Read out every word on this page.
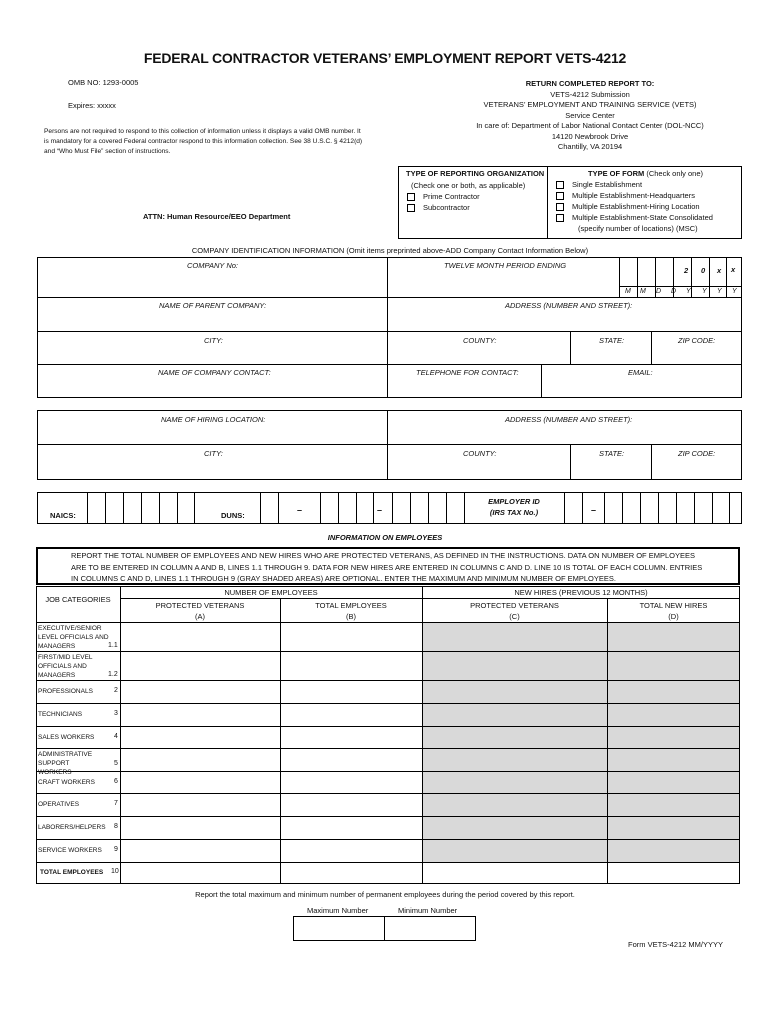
FEDERAL CONTRACTOR VETERANS’ EMPLOYMENT REPORT VETS-4212
OMB NO: 1293-0005
Expires: xxxxx
Persons are not required to respond to this collection of information unless it displays a valid OMB number. It is mandatory for a covered Federal contractor respond to this information collection. See 38 U.S.C. § 4212(d) and “Who Must File” section of instructions.
RETURN COMPLETED REPORT TO:
VETS-4212 Submission
VETERANS’ EMPLOYMENT AND TRAINING SERVICE (VETS)
Service Center
In care of: Department of Labor National Contact Center (DOL-NCC)
14120 Newbrook Drive
Chantilly, VA 20194
ATTN: Human Resource/EEO Department
TYPE OF REPORTING ORGANIZATION
(Check one or both, as applicable)
Prime Contractor
Subcontractor
TYPE OF FORM (Check only one)
Single Establishment
Multiple Establishment-Headquarters
Multiple Establishment-Hiring Location
Multiple Establishment-State Consolidated
(specify number of locations) (MSC)
COMPANY IDENTIFICATION INFORMATION (Omit items preprinted above-ADD Company Contact Information Below)
COMPANY No:	TWELVE MONTH PERIOD ENDING
2 0 x x
M M D D Y Y Y Y
NAME OF PARENT COMPANY:	ADDRESS (NUMBER AND STREET):
CITY:	COUNTY:	STATE:	ZIP CODE:
NAME OF COMPANY CONTACT:	TELEPHONE FOR CONTACT:	EMAIL:
NAME OF HIRING LOCATION:	ADDRESS (NUMBER AND STREET):
CITY:	COUNTY:	STATE:	ZIP CODE:
NAICS:	DUNS:
–	–	–
EMPLOYER ID
(IRS TAX No.)
INFORMATION ON EMPLOYEES
REPORT THE TOTAL NUMBER OF EMPLOYEES AND NEW HIRES WHO ARE PROTECTED VETERANS, AS DEFINED IN THE INSTRUCTIONS. DATA ON NUMBER OF EMPLOYEES ARE TO BE ENTERED IN COLUMN A AND B, LINES 1.1 THROUGH 9. DATA FOR NEW HIRES ARE ENTERED IN COLUMNS C AND D. LINE 10 IS TOTAL OF EACH COLUMN. ENTRIES IN COLUMNS C AND D, LINES 1.1 THROUGH 9 (GRAY SHADED AREAS) ARE OPTIONAL. ENTER THE MAXIMUM AND MINIMUM NUMBER OF EMPLOYEES.
JOB CATEGORIES
NUMBER OF EMPLOYEES	NEW HIRES (PREVIOUS 12 MONTHS)
PROTECTED VETERANS
(A)
TOTAL EMPLOYEES
(B)
PROTECTED VETERANS
(C)
TOTAL NEW HIRES
(D)
EXECUTIVE/SENIOR LEVEL OFFICIALS AND MANAGERS	1.1
FIRST/MID LEVEL OFFICIALS AND MANAGERS	1.2
PROFESSIONALS	2
TECHNICIANS	3
SALES WORKERS	4
ADMINISTRATIVE SUPPORT WORKERS
5
CRAFT WORKERS	6
OPERATIVES	7
LABORERS/HELPERS 8
SERVICE WORKERS 9
TOTAL EMPLOYEES 10
Report the total maximum and minimum number of permanent employees during the period covered by this report.
Maximum Number	Minimum Number
Form VETS-4212 MM/YYYY
